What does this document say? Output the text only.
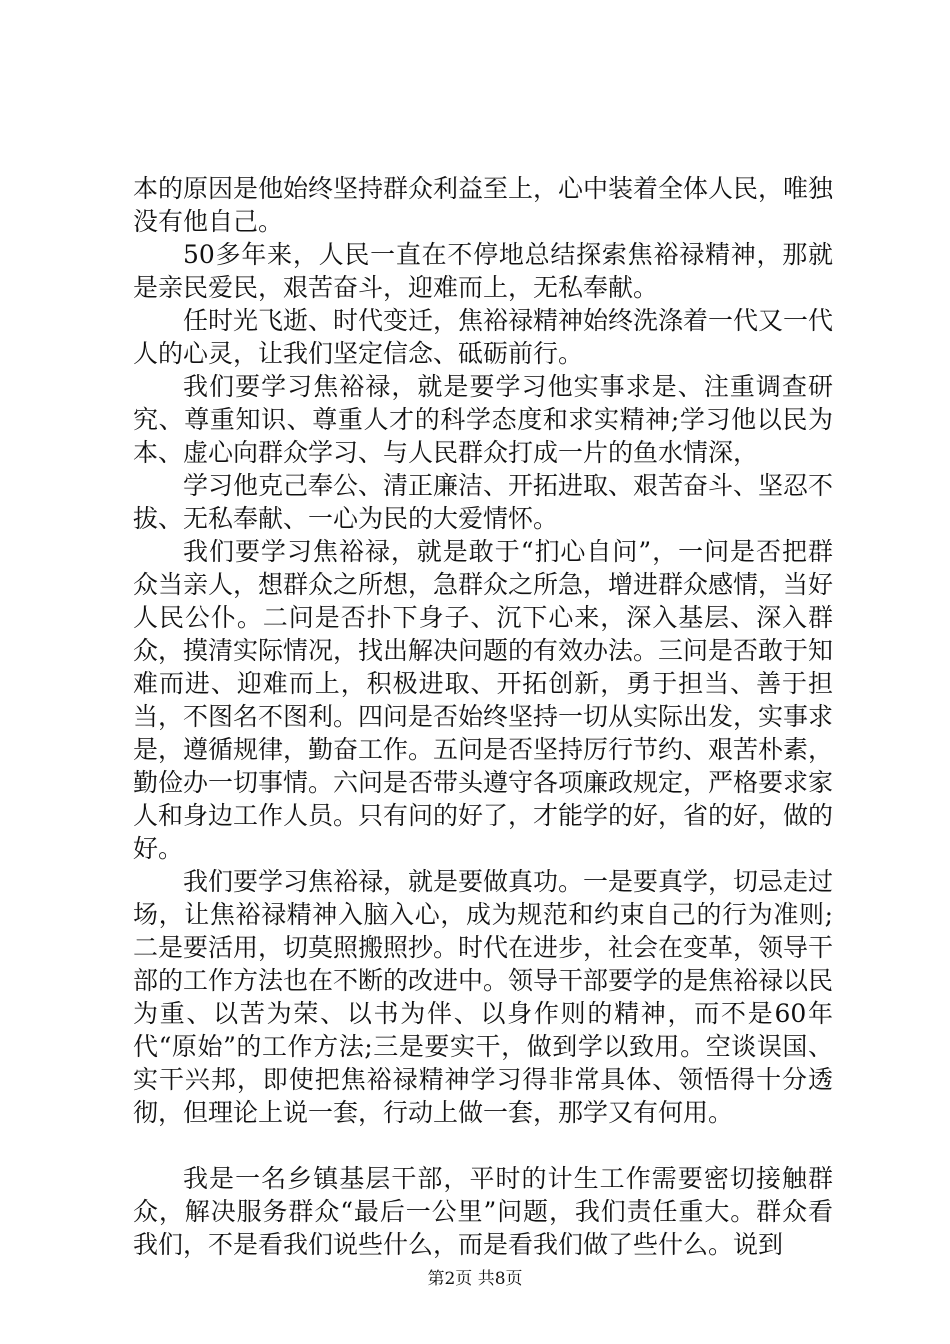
本的原因是他始终坚持群众利益至上，心中装着全体人民，唯独没有他自己。

50多年来，人民一直在不停地总结探索焦裕禄精神，那就是亲民爱民，艰苦奋斗，迎难而上，无私奉献。

任时光飞逝、时代变迁，焦裕禄精神始终洗涤着一代又一代人的心灵，让我们坚定信念、砥砺前行。

我们要学习焦裕禄，就是要学习他实事求是、注重调查研究、尊重知识、尊重人才的科学态度和求实精神;学习他以民为本、虚心向群众学习、与人民群众打成一片的鱼水情深，

学习他克己奉公、清正廉洁、开拓进取、艰苦奋斗、坚忍不拔、无私奉献、一心为民的大爱情怀。

我们要学习焦裕禄，就是敢于“扪心自问”，一问是否把群众当亲人，想群众之所想，急群众之所急，增进群众感情，当好人民公仆。二问是否扑下身子、沉下心来，深入基层、深入群众，摸清实际情况，找出解决问题的有效办法。三问是否敢于知难而进、迎难而上，积极进取、开拓创新，勇于担当、善于担当，不图名不图利。四问是否始终坚持一切从实际出发，实事求是，遵循规律，勤奋工作。五问是否坚持厉行节约、艰苦朴素，勤俭办一切事情。六问是否带头遵守各项廉政规定，严格要求家人和身边工作人员。只有问的好了，才能学的好，省的好，做的好。

我们要学习焦裕禄，就是要做真功。一是要真学，切忌走过场，让焦裕禄精神入脑入心，成为规范和约束自己的行为准则;二是要活用，切莫照搬照抄。时代在进步，社会在变革，领导干部的工作方法也在不断的改进中。领导干部要学的是焦裕禄以民为重、以苦为荣、以书为伴、以身作则的精神，而不是60年代“原始”的工作方法;三是要实干，做到学以致用。空谈误国、实干兴邦，即使把焦裕禄精神学习得非常具体、领悟得十分透彻，但理论上说一套，行动上做一套，那学又有何用。

我是一名乡镇基层干部，平时的计生工作需要密切接触群众，解决服务群众“最后一公里”问题，我们责任重大。群众看我们，不是看我们说些什么，而是看我们做了些什么。说到

第2页 共8页
